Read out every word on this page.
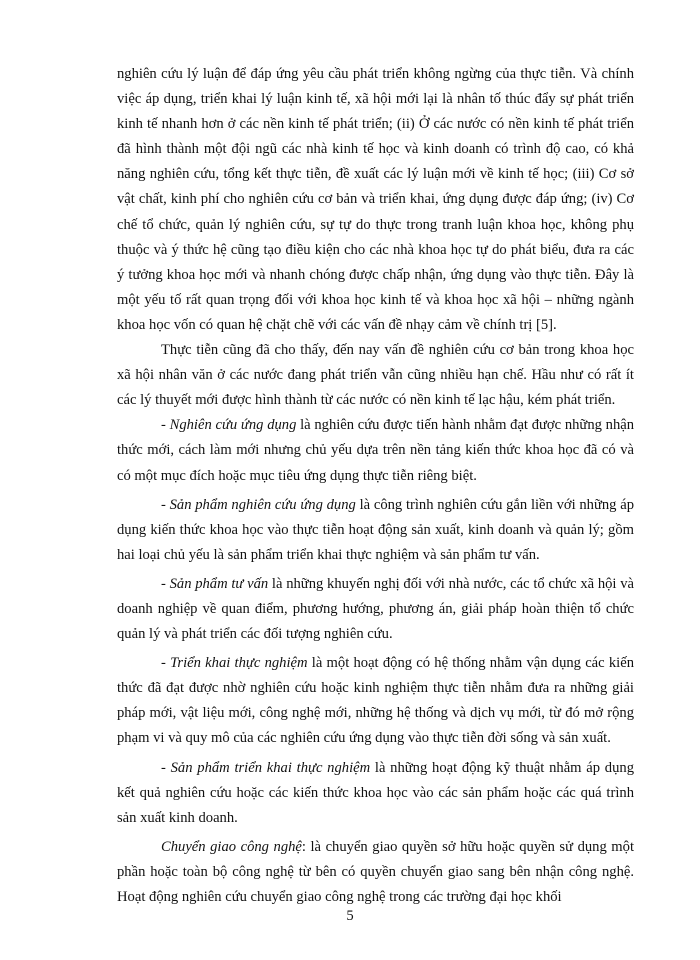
nghiên cứu lý luận để đáp ứng yêu cầu phát triển không ngừng của thực tiễn. Và chính việc áp dụng, triển khai lý luận kinh tế, xã hội mới lại là nhân tố thúc đẩy sự phát triển kinh tế nhanh hơn ở các nền kinh tế phát triển; (ii) Ở các nước có nền kinh tế phát triển đã hình thành một đội ngũ các nhà kinh tế học và kinh doanh có trình độ cao, có khả năng nghiên cứu, tổng kết thực tiễn, đề xuất các lý luận mới về kinh tế học; (iii) Cơ sở vật chất, kinh phí cho nghiên cứu cơ bản và triển khai, ứng dụng được đáp ứng; (iv) Cơ chế tổ chức, quản lý nghiên cứu, sự tự do thực trong tranh luận khoa học, không phụ thuộc và ý thức hệ cũng tạo điều kiện cho các nhà khoa học tự do phát biểu, đưa ra các ý tưởng khoa học mới và nhanh chóng được chấp nhận, ứng dụng vào thực tiễn. Đây là một yếu tố rất quan trọng đối với khoa học kinh tế và khoa học xã hội – những ngành khoa học vốn có quan hệ chặt chẽ với các vấn đề nhạy cảm về chính trị [5].

Thực tiễn cũng đã cho thấy, đến nay vấn đề nghiên cứu cơ bản trong khoa học xã hội nhân văn ở các nước đang phát triển vẫn cũng nhiều hạn chế. Hầu như có rất ít các lý thuyết mới được hình thành từ các nước có nền kinh tế lạc hậu, kém phát triển.

- Nghiên cứu ứng dụng là nghiên cứu được tiến hành nhằm đạt được những nhận thức mới, cách làm mới nhưng chủ yếu dựa trên nền tảng kiến thức khoa học đã có và có một mục đích hoặc mục tiêu ứng dụng thực tiễn riêng biệt.

- Sản phẩm nghiên cứu ứng dụng là công trình nghiên cứu gắn liền với những áp dụng kiến thức khoa học vào thực tiễn hoạt động sản xuất, kinh doanh và quản lý; gồm hai loại chủ yếu là sản phẩm triển khai thực nghiệm và sản phẩm tư vấn.

- Sản phẩm tư vấn là những khuyến nghị đối với nhà nước, các tổ chức xã hội và doanh nghiệp về quan điểm, phương hướng, phương án, giải pháp hoàn thiện tổ chức quản lý và phát triển các đối tượng nghiên cứu.

- Triển khai thực nghiệm là một hoạt động có hệ thống nhằm vận dụng các kiến thức đã đạt được nhờ nghiên cứu hoặc kinh nghiệm thực tiễn nhằm đưa ra những giải pháp mới, vật liệu mới, công nghệ mới, những hệ thống và dịch vụ mới, từ đó mở rộng phạm vi và quy mô của các nghiên cứu ứng dụng vào thực tiễn đời sống và sản xuất.

- Sản phẩm triển khai thực nghiệm là những hoạt động kỹ thuật nhằm áp dụng kết quả nghiên cứu hoặc các kiến thức khoa học vào các sản phẩm hoặc các quá trình sản xuất kinh doanh.

Chuyển giao công nghệ: là chuyển giao quyền sở hữu hoặc quyền sử dụng một phần hoặc toàn bộ công nghệ từ bên có quyền chuyển giao sang bên nhận công nghệ. Hoạt động nghiên cứu chuyển giao công nghệ trong các trường đại học khối

5
